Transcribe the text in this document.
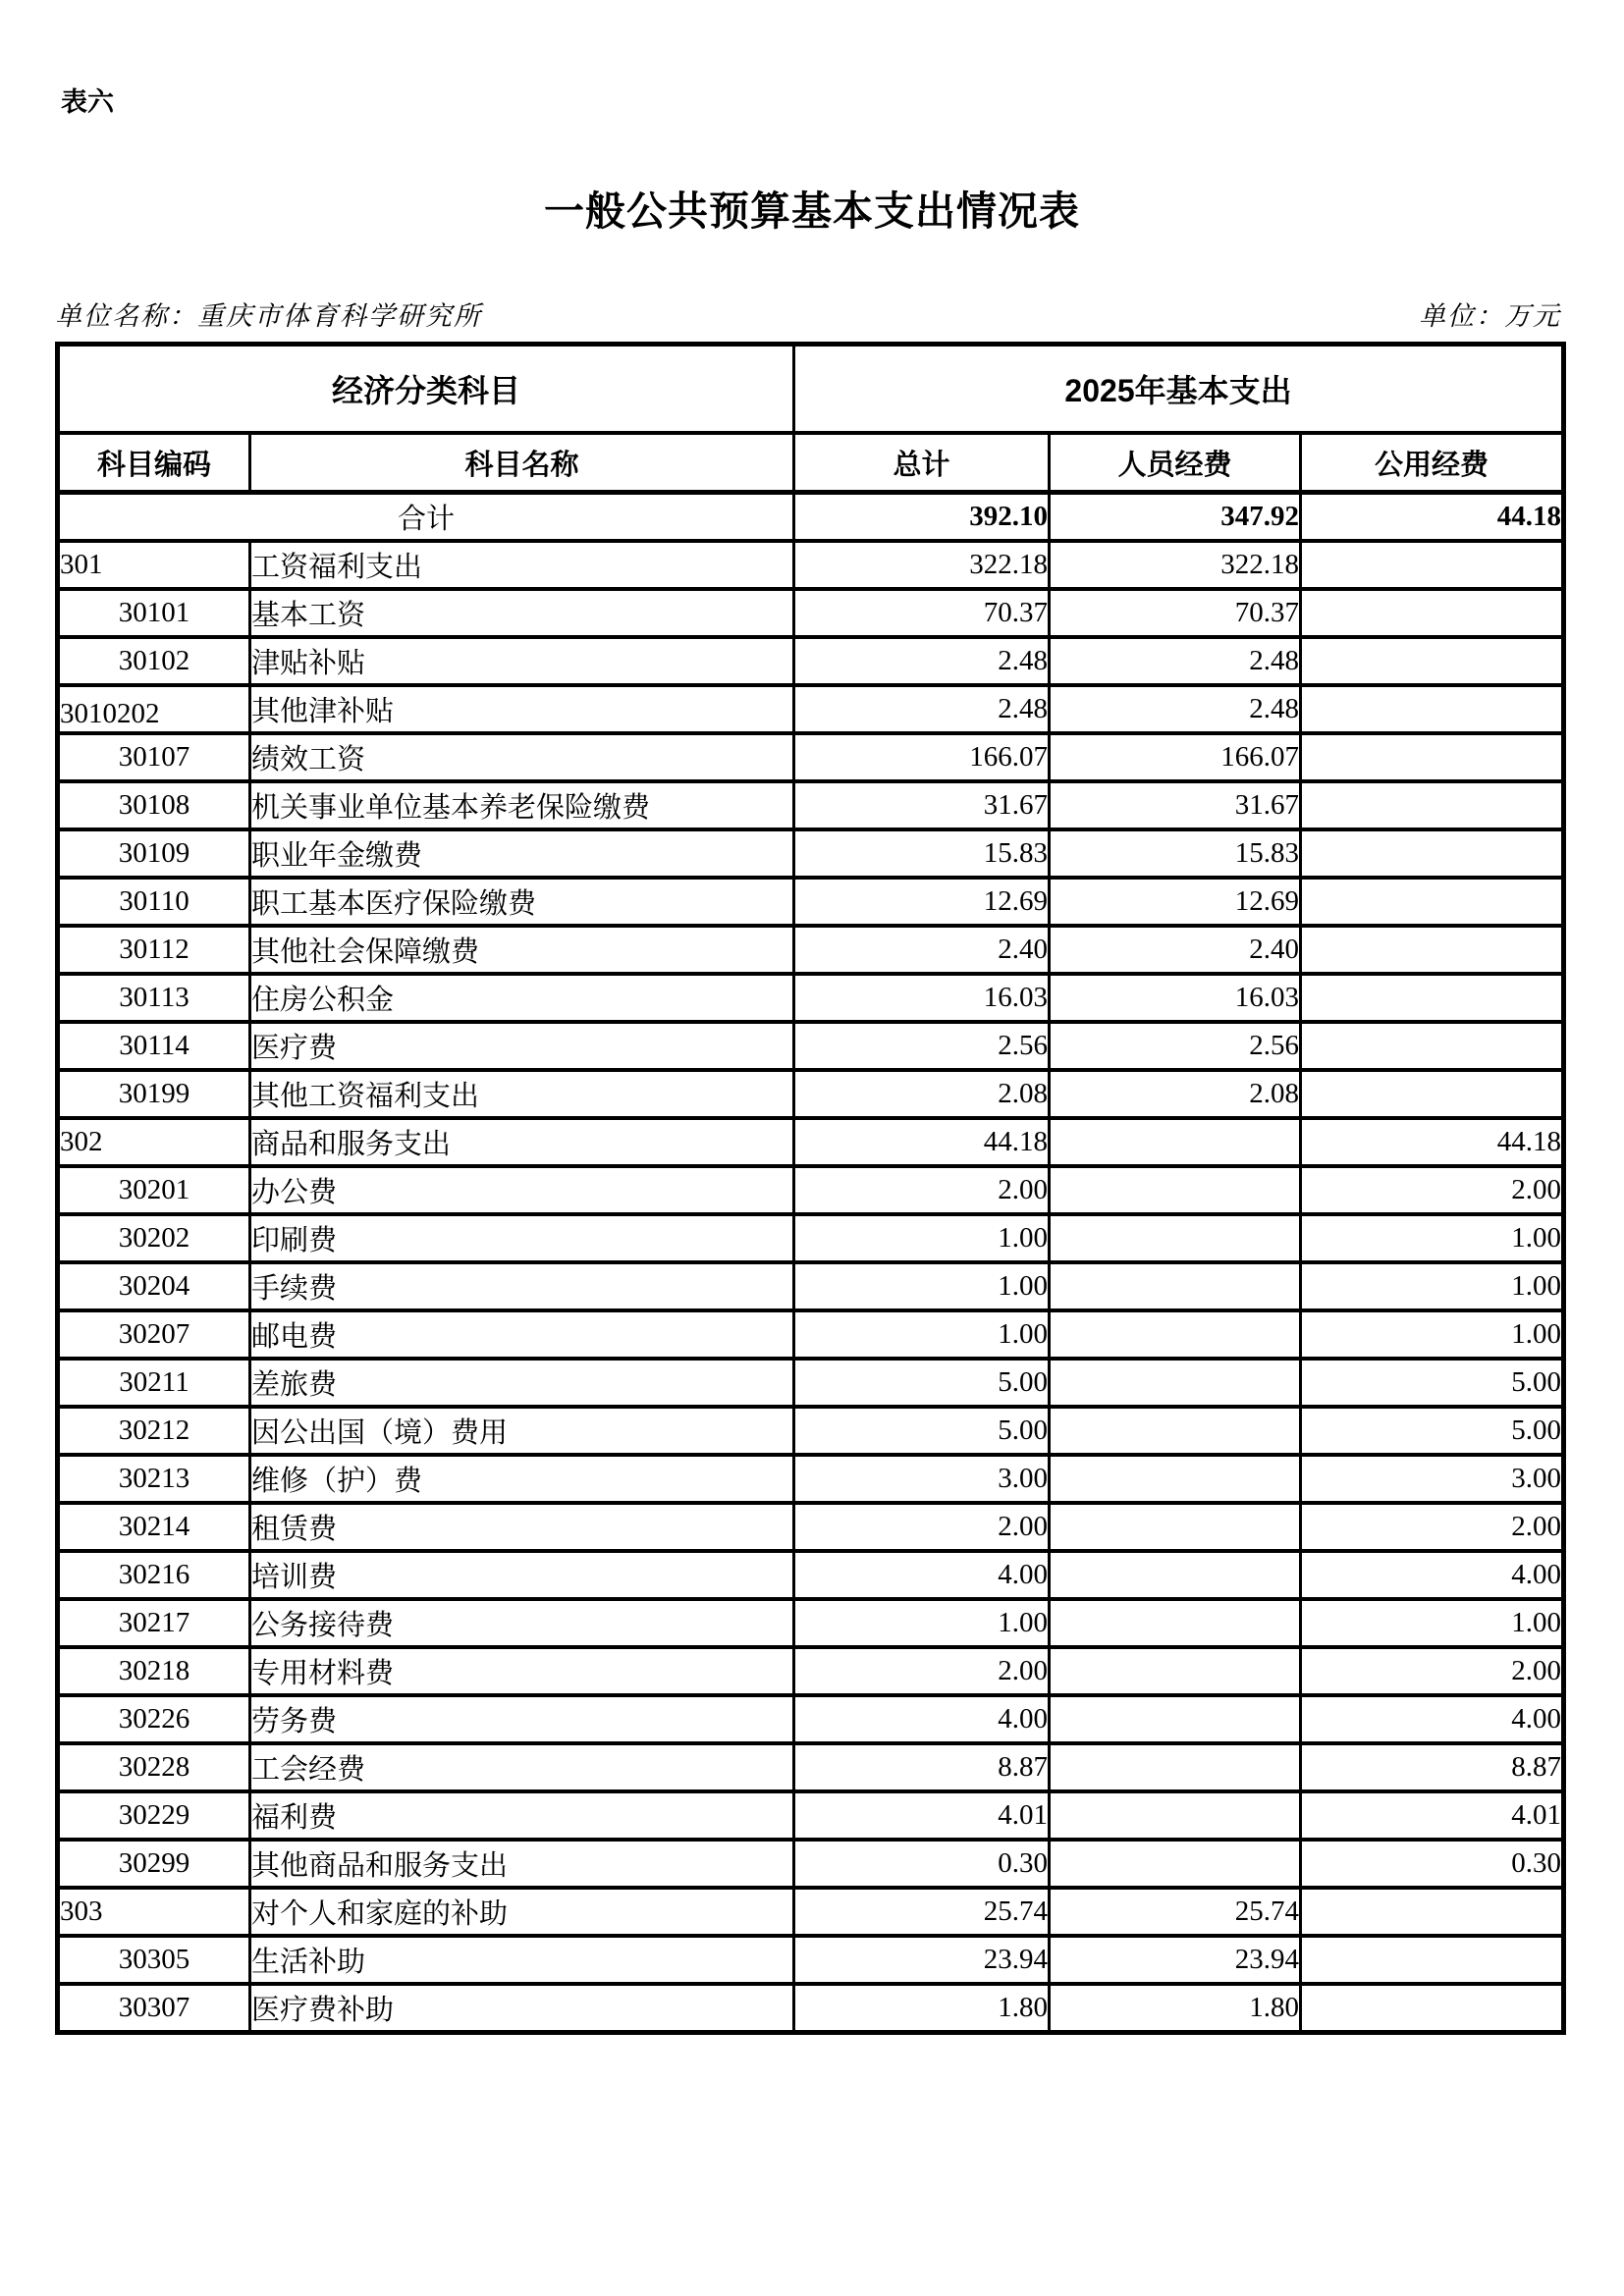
表六
一般公共预算基本支出情况表
单位名称：重庆市体育科学研究所	单位：万元
经济分类科目		2025年基本支出		
科目编码	科目名称	总计	人员经费	公用经费
合计		392.10	347.92	44.18
301	工资福利支出	322.18	322.18	
30101	基本工资	70.37	70.37	
30102	津贴补贴	2.48	2.48	

3010202	其他津补贴	2.48	2.48	
30107	绩效工资	166.07	166.07	
30108	机关事业单位基本养老保险缴费	31.67	31.67	
30109	职业年金缴费	15.83	15.83	
30110	职工基本医疗保险缴费	12.69	12.69	
30112	其他社会保障缴费	2.40	2.40	
30113	住房公积金	16.03	16.03	
30114	医疗费	2.56	2.56	
30199	其他工资福利支出	2.08	2.08	
302	商品和服务支出	44.18		44.18
30201	办公费	2.00		2.00
30202	印刷费	1.00		1.00
30204	手续费	1.00		1.00
30207	邮电费	1.00		1.00
30211	差旅费	5.00		5.00
30212	因公出国（境）费用	5.00		5.00
30213	维修（护）费	3.00		3.00
30214	租赁费	2.00		2.00
30216	培训费	4.00		4.00
30217	公务接待费	1.00		1.00
30218	专用材料费	2.00		2.00
30226	劳务费	4.00		4.00
30228	工会经费	8.87		8.87
30229	福利费	4.01		4.01
30299	其他商品和服务支出	0.30		0.30
303	对个人和家庭的补助	25.74	25.74	
30305	生活补助	23.94	23.94	
30307	医疗费补助	1.80	1.80	
